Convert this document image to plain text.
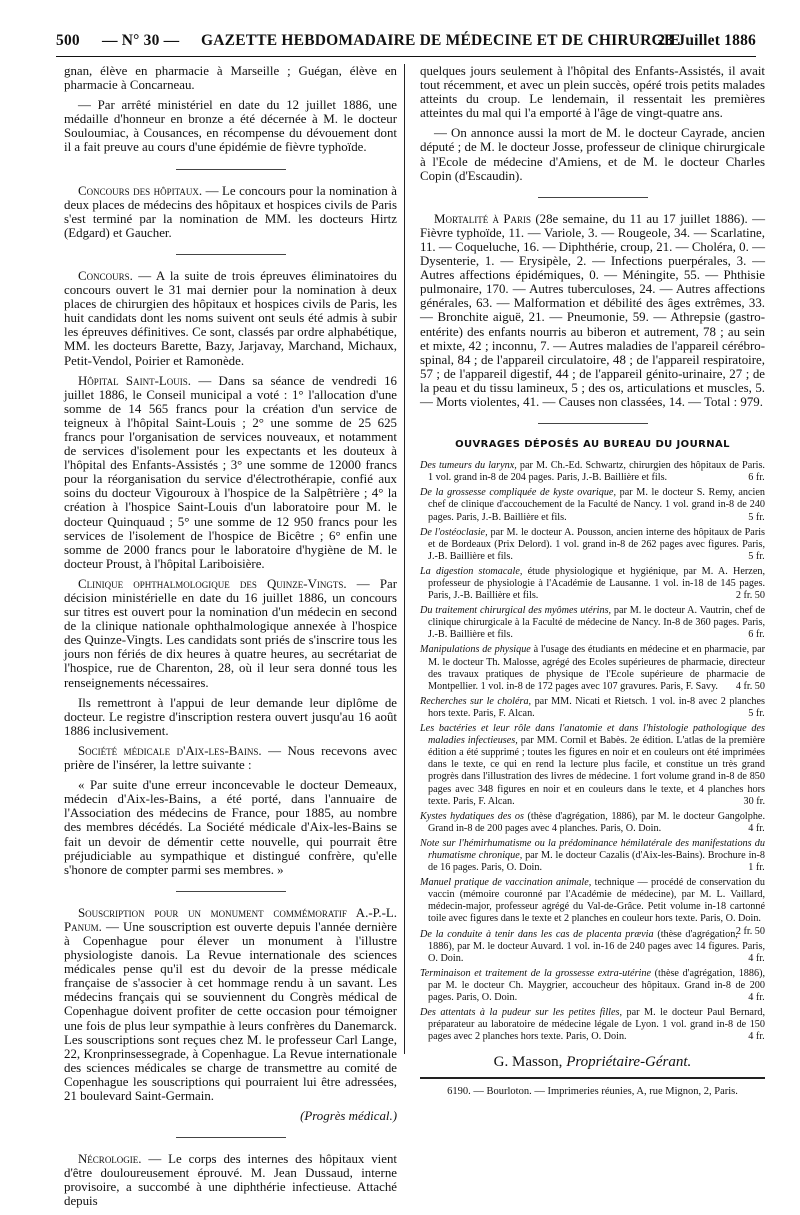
500 — N° 30 — GAZETTE HEBDOMADAIRE DE MÉDECINE ET DE CHIRURGIE
23 Juillet 1886

gnan, élève en pharmacie à Marseille ; Guégan, élève en pharmacie à Concarneau.

— Par arrêté ministériel en date du 12 juillet 1886, une médaille d'honneur en bronze a été décernée à M. le docteur Souloumiac, à Cousances, en récompense du dévouement dont il a fait preuve au cours d'une épidémie de fièvre typhoïde.

Concours des hôpitaux. — Le concours pour la nomination à deux places de médecins des hôpitaux et hospices civils de Paris s'est terminé par la nomination de MM. les docteurs Hirtz (Edgard) et Gaucher.

Concours. — A la suite de trois épreuves éliminatoires du concours ouvert le 31 mai dernier pour la nomination à deux places de chirurgien des hôpitaux et hospices civils de Paris, les huit candidats dont les noms suivent ont seuls été admis à subir les épreuves définitives. Ce sont, classés par ordre alphabétique, MM. les docteurs Barette, Bazy, Jarjavay, Marchand, Michaux, Petit-Vendol, Poirier et Ramonède.

Hôpital Saint-Louis. — Dans sa séance de vendredi 16 juillet 1886, le Conseil municipal a voté : 1° l'allocation d'une somme de 14 565 francs pour la création d'un service de teigneux à l'hôpital Saint-Louis ; 2° une somme de 25 625 francs pour l'organisation de services nouveaux, et notamment de services d'isolement pour les expectants et les douteux à l'hôpital des Enfants-Assistés ; 3° une somme de 12000 francs pour la réorganisation du service d'électrothérapie, confié aux soins du docteur Vigouroux à l'hospice de la Salpêtrière ; 4° la création à l'hospice Saint-Louis d'un laboratoire pour M. le docteur Quinquaud ; 5° une somme de 12 950 francs pour les services de l'isolement de l'hospice de Bicêtre ; 6° enfin une somme de 2000 francs pour le laboratoire d'hygiène de M. le docteur Proust, à l'hôpital Lariboisière.

Clinique ophthalmologique des Quinze-Vingts. — Par décision ministérielle en date du 16 juillet 1886, un concours sur titres est ouvert pour la nomination d'un médecin en second de la clinique nationale ophthalmologique annexée à l'hospice des Quinze-Vingts. Les candidats sont priés de s'inscrire tous les jours non fériés de dix heures à quatre heures, au secrétariat de l'hospice, rue de Charenton, 28, où il leur sera donné tous les renseignements nécessaires.

Ils remettront à l'appui de leur demande leur diplôme de docteur. Le registre d'inscription restera ouvert jusqu'au 16 août 1886 inclusivement.

Société médicale d'Aix-les-Bains. — Nous recevons avec prière de l'insérer, la lettre suivante :

« Par suite d'une erreur inconcevable le docteur Demeaux, médecin d'Aix-les-Bains, a été porté, dans l'annuaire de l'Association des médecins de France, pour 1885, au nombre des membres décédés. La Société médicale d'Aix-les-Bains se fait un devoir de démentir cette nouvelle, qui pourrait être préjudiciable au sympathique et distingué confrère, qu'elle s'honore de compter parmi ses membres. »

Souscription pour un monument commémoratif A.-P.-L. Panum. — Une souscription est ouverte depuis l'année dernière à Copenhague pour élever un monument à l'illustre physiologiste danois. La Revue internationale des sciences médicales pense qu'il est du devoir de la presse médicale française de s'associer à cet hommage rendu à un savant. Les médecins français qui se souviennent du Congrès médical de Copenhague doivent profiter de cette occasion pour témoigner une fois de plus leur sympathie à leurs confrères du Danemarck. Les souscriptions sont reçues chez M. le professeur Carl Lange, 22, Kronprinsessegrade, à Copenhague. La Revue internationale des sciences médicales se charge de transmettre au comité de Copenhague les souscriptions qui pourraient lui être adressées, 21 boulevard Saint-Germain.

(Progrès médical.)

Nécrologie. — Le corps des internes des hôpitaux vient d'être douloureusement éprouvé. M. Jean Dussaud, interne provisoire, a succombé à une diphthérie infectieuse. Attaché depuis

quelques jours seulement à l'hôpital des Enfants-Assistés, il avait tout récemment, et avec un plein succès, opéré trois petits malades atteints du croup. Le lendemain, il ressentait les premières atteintes du mal qui l'a emporté à l'âge de vingt-quatre ans.

— On annonce aussi la mort de M. le docteur Cayrade, ancien député ; de M. le docteur Josse, professeur de clinique chirurgicale à l'Ecole de médecine d'Amiens, et de M. le docteur Charles Copin (d'Escaudin).

Mortalité à Paris (28e semaine, du 11 au 17 juillet 1886). — Fièvre typhoïde, 11. — Variole, 3. — Rougeole, 34. — Scarlatine, 11. — Coqueluche, 16. — Diphthérie, croup, 21. — Choléra, 0. — Dysenterie, 1. — Erysipèle, 2. — Infections puerpérales, 3. — Autres affections épidémiques, 0. — Méningite, 55. — Phthisie pulmonaire, 170. — Autres tuberculoses, 24. — Autres affections générales, 63. — Malformation et débilité des âges extrêmes, 33. — Bronchite aiguë, 21. — Pneumonie, 59. — Athrepsie (gastro-entérite) des enfants nourris au biberon et autrement, 78 ; au sein et mixte, 42 ; inconnu, 7. — Autres maladies de l'appareil cérébro-spinal, 84 ; de l'appareil circulatoire, 48 ; de l'appareil respiratoire, 57 ; de l'appareil digestif, 44 ; de l'appareil génito-urinaire, 27 ; de la peau et du tissu lamineux, 5 ; des os, articulations et muscles, 5. — Morts violentes, 41. — Causes non classées, 14. — Total : 979.

OUVRAGES DÉPOSÉS AU BUREAU DU JOURNAL
Des tumeurs du larynx, par M. Ch.-Ed. Schwartz, chirurgien des hôpitaux de Paris. 1 vol. grand in-8 de 204 pages. Paris, J.-B. Baillière et fils.	6 fr.
De la grossesse compliquée de kyste ovarique, par M. le docteur S. Remy, ancien chef de clinique d'accouchement de la Faculté de Nancy. 1 vol. grand in-8 de 240 pages. Paris, J.-B. Baillière et fils.	5 fr.
De l'ostéoclasie, par M. le docteur A. Pousson, ancien interne des hôpitaux de Paris et de Bordeaux (Prix Delord). 1 vol. grand in-8 de 262 pages avec figures. Paris, J.-B. Baillière et fils.	5 fr.
La digestion stomacale, étude physiologique et hygiénique, par M. A. Herzen, professeur de physiologie à l'Académie de Lausanne. 1 vol. in-18 de 145 pages. Paris, J.-B. Baillière et fils.	2 fr. 50
Du traitement chirurgical des myômes utérins, par M. le docteur A. Vautrin, chef de clinique chirurgicale à la Faculté de médecine de Nancy. In-8 de 360 pages. Paris, J.-B. Baillière et fils.	6 fr.
Manipulations de physique à l'usage des étudiants en médecine et en pharmacie, par M. le docteur Th. Malosse, agrégé des Ecoles supérieures de pharmacie, directeur des travaux pratiques de physique de l'Ecole supérieure de pharmacie de Montpellier. 1 vol. in-8 de 172 pages avec 107 gravures. Paris, F. Savy. 4 fr. 50
Recherches sur le choléra, par MM. Nicati et Rietsch. 1 vol. in-8 avec 2 planches hors texte. Paris, F. Alcan.	5 fr.
Les bactéries et leur rôle dans l'anatomie et dans l'histologie pathologique des maladies infectieuses, par MM. Cornil et Babès. 2e édition. L'atlas de la première édition a été supprimé ; toutes les figures en noir et en couleurs ont été imprimées dans le texte, ce qui en rend la lecture plus facile, et constitue un très grand progrès dans l'illustration des livres de médecine. 1 fort volume grand in-8 de 850 pages avec 348 figures en noir et en couleurs dans le texte, et 4 planches hors texte. Paris, F. Alcan.	30 fr.
Kystes hydatiques des os (thèse d'agrégation, 1886), par M. le docteur Gangolphe. Grand in-8 de 200 pages avec 4 planches. Paris, O. Doin.	4 fr.
Note sur l'hémirhumatisme ou la prédominance hémilatérale des manifestations du rhumatisme chronique, par M. le docteur Cazalis (d'Aix-les-Bains). Brochure in-8 de 16 pages. Paris, O. Doin.	1 fr.
Manuel pratique de vaccination animale, technique — procédé de conservation du vaccin (mémoire couronné par l'Académie de médecine), par M. L. Vaillard, médecin-major, professeur agrégé du Val-de-Grâce. Petit volume in-18 cartonné toile avec figures dans le texte et 2 planches en couleur hors texte. Paris, O. Doin.
2 fr. 50
De la conduite à tenir dans les cas de placenta prævia (thèse d'agrégation, 1886), par M. le docteur Auvard. 1 vol. in-16 de 240 pages avec 14 figures. Paris, O. Doin.	4 fr.
Terminaison et traitement de la grossesse extra-utérine (thèse d'agrégation, 1886), par M. le docteur Ch. Maygrier, accoucheur des hôpitaux. Grand in-8 de 200 pages. Paris, O. Doin.	4 fr.
Des attentats à la pudeur sur les petites filles, par M. le docteur Paul Bernard, préparateur au laboratoire de médecine légale de Lyon. 1 vol. grand in-8 de 150 pages avec 2 planches hors texte. Paris, O. Doin.	4 fr.
G. Masson, Propriétaire-Gérant.
6190. — Bourloton. — Imprimeries réunies, A, rue Mignon, 2, Paris.
